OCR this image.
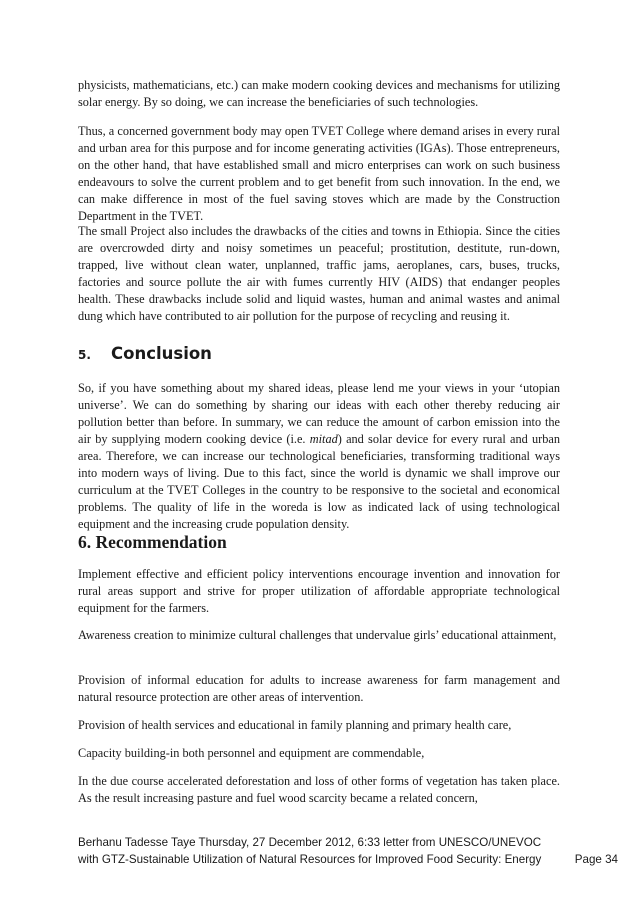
physicists, mathematicians, etc.) can make modern cooking devices and mechanisms for utilizing solar energy. By so doing, we can increase the beneficiaries of such technologies.

Thus, a concerned government body may open TVET College where demand arises in every rural and urban area for this purpose and for income generating activities (IGAs). Those entrepreneurs, on the other hand, that have established small and micro enterprises can work on such business endeavours to solve the current problem and to get benefit from such innovation. In the end, we can make difference in most of the fuel saving stoves which are made by the Construction Department in the TVET.

The small Project also includes the drawbacks of the cities and towns in Ethiopia. Since the cities are overcrowded dirty and noisy sometimes un peaceful; prostitution, destitute, run-down, trapped, live without clean water, unplanned, traffic jams, aeroplanes, cars, buses, trucks, factories and source pollute the air with fumes currently HIV (AIDS) that endanger peoples health. These drawbacks include solid and liquid wastes, human and animal wastes and animal dung which have contributed to air pollution for the purpose of recycling and reusing it.

5.	Conclusion

So, if you have something about my shared ideas, please lend me your views in your ‘utopian universe’. We can do something by sharing our ideas with each other thereby reducing air pollution better than before. In summary, we can reduce the amount of carbon emission into the air by supplying modern cooking device (i.e. mitad) and solar device for every rural and urban area. Therefore, we can increase our technological beneficiaries, transforming traditional ways into modern ways of living. Due to this fact, since the world is dynamic we shall improve our curriculum at the TVET Colleges in the country to be responsive to the societal and economical problems. The quality of life in the woreda is low as indicated lack of using technological equipment and the increasing crude population density.

6. Recommendation

Implement effective and efficient policy interventions encourage invention and innovation for rural areas support and strive for proper utilization of affordable appropriate technological equipment for the farmers.

Awareness creation to minimize cultural challenges that undervalue girls’ educational attainment,

Provision of informal education for adults to increase awareness for farm management and natural resource protection are other areas of intervention.

Provision of health services and educational in family planning and primary health care,

Capacity building-in both personnel and equipment are commendable,

In the due course accelerated deforestation and loss of other forms of vegetation has taken place. As the result increasing pasture and fuel wood scarcity became a related concern,

Berhanu Tadesse Taye Thursday, 27 December 2012, 6:33 letter from UNESCO/UNEVOC
with GTZ-Sustainable Utilization of Natural Resources for Improved Food Security: Energy	Page 34
